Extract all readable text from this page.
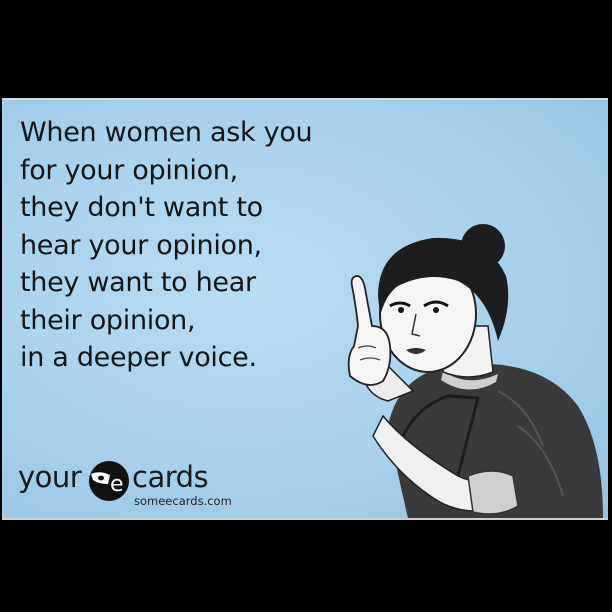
When women ask you
for your opinion,
they don't want to
hear your opinion,
they want to hear
their opinion,
in a deeper voice.

your e cards
someecards.com
